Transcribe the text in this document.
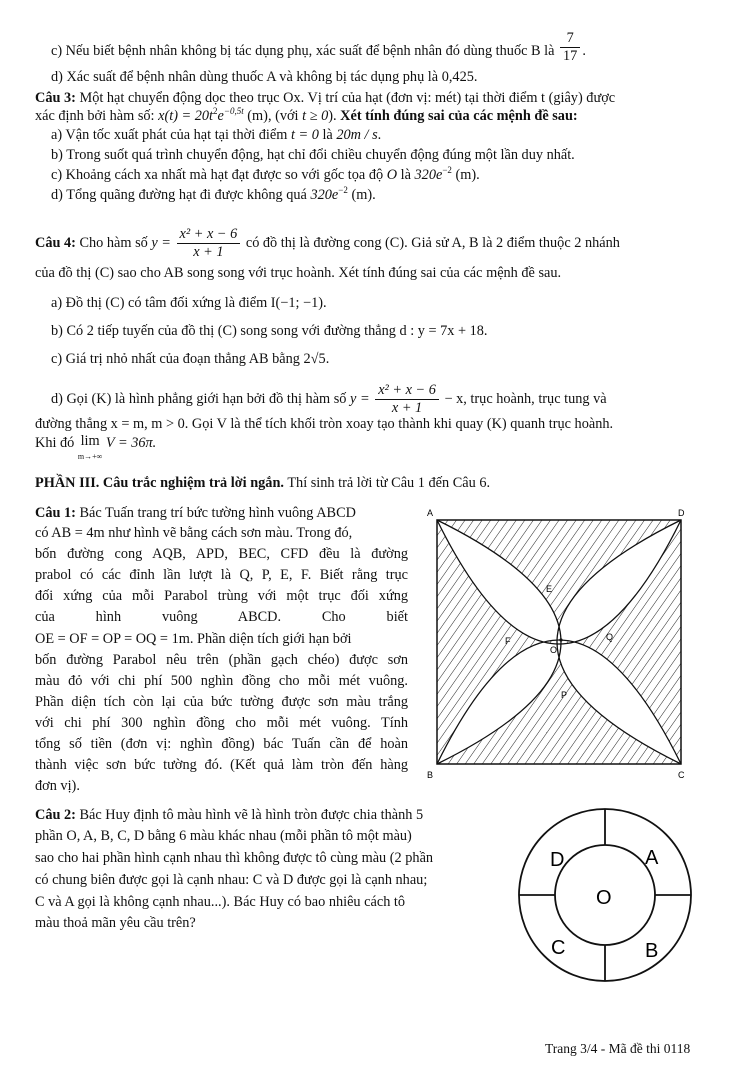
c) Nếu biết bệnh nhân không bị tác dụng phụ, xác suất để bệnh nhân đó dùng thuốc B là $\frac{7}{17}$ .
d) Xác suất để bệnh nhân dùng thuốc A và không bị tác dụng phụ là 0,425.
Câu 3: Một hạt chuyển động dọc theo trục Ox. Vị trí của hạt (đơn vị: mét) tại thời điểm t (giây) được
xác định bởi hàm số: $x(t) = 20t^2e^{-0,5t}$ (m), (với t ≥ 0). Xét tính đúng sai của các mệnh đề sau:
a) Vận tốc xuất phát của hạt tại thời điểm t = 0 là 20m / s.
b) Trong suốt quá trình chuyển động, hạt chỉ đổi chiều chuyển động đúng một lần duy nhất.
c) Khoảng cách xa nhất mà hạt đạt được so với gốc tọa độ O là $320e^{-2}$ (m).
d) Tổng quãng đường hạt đi được không quá $320e^{-2}$ (m).
Câu 4: Cho hàm số $y = \frac{\text{x² + x − 6}}{x + 1}$ có đồ thị là đường cong (C). Giả sử A, B là 2 điểm thuộc 2 nhánh
của đồ thị (C) sao cho AB song song với trục hoành. Xét tính đúng sai của các mệnh đề sau.
a) Đồ thị (C) có tâm đối xứng là điểm I(−1; −1).
b) Có 2 tiếp tuyến của đồ thị (C) song song với đường thẳng d : y = 7x + 18.
c) Giá trị nhỏ nhất của đoạn thẳng AB bằng 2√5.
d) Gọi (K) là hình phẳng giới hạn bởi đồ thị hàm số $y = \frac{\text{x² + x − 6}}{x + 1} - x$, trục hoành, trục tung và
đường thẳng x = m, m > 0. Gọi V là thể tích khối tròn xoay tạo thành khi quay (K) quanh trục hoành.
Khi đó lim
m→+∞ V = 36π.
PHẦN III. Câu trắc nghiệm trả lời ngắn. Thí sinh trả lời từ Câu 1 đến Câu 6.
Câu 1: Bác Tuấn trang trí bức tường hình vuông ABCD
có AB = 4m như hình vẽ bằng cách sơn màu. Trong đó,
bốn đường cong AQB, APD, BEC, CFD đều là đường
prabol có các đỉnh lần lượt là Q, P, E, F. Biết rằng trục
đối xứng của mỗi Parabol trùng với một trục đối xứng
của hình vuông ABCD. Cho biết
OE = OF = OP = OQ = 1m. Phần diện tích giới hạn bởi
bốn đường Parabol nêu trên (phần gạch chéo) được sơn
màu đỏ với chi phí 500 nghìn đồng cho mỗi mét vuông.
Phần diện tích còn lại của bức tường được sơn màu trắng
với chi phí 300 nghìn đồng cho mỗi mét vuông. Tính
tổng số tiền (đơn vị: nghìn đồng) bác Tuấn cần để hoàn
thành việc sơn bức tường đó. (Kết quả làm tròn đến hàng
đơn vị).
A	D
B	C
E
F	Q
P
O
Câu 2: Bác Huy định tô màu hình vẽ là hình tròn được chia thành 5
phần O, A, B, C, D bằng 6 màu khác nhau (mỗi phần tô một màu)
sao cho hai phần hình cạnh nhau thì không được tô cùng màu (2 phần
có chung biên được gọi là cạnh nhau: C và D được gọi là cạnh nhau;
C và A gọi là không cạnh nhau...). Bác Huy có bao nhiêu cách tô
màu thoả mãn yêu cầu trên?
D	A
O
C	B
Trang 3/4 - Mã đề thi 0118
